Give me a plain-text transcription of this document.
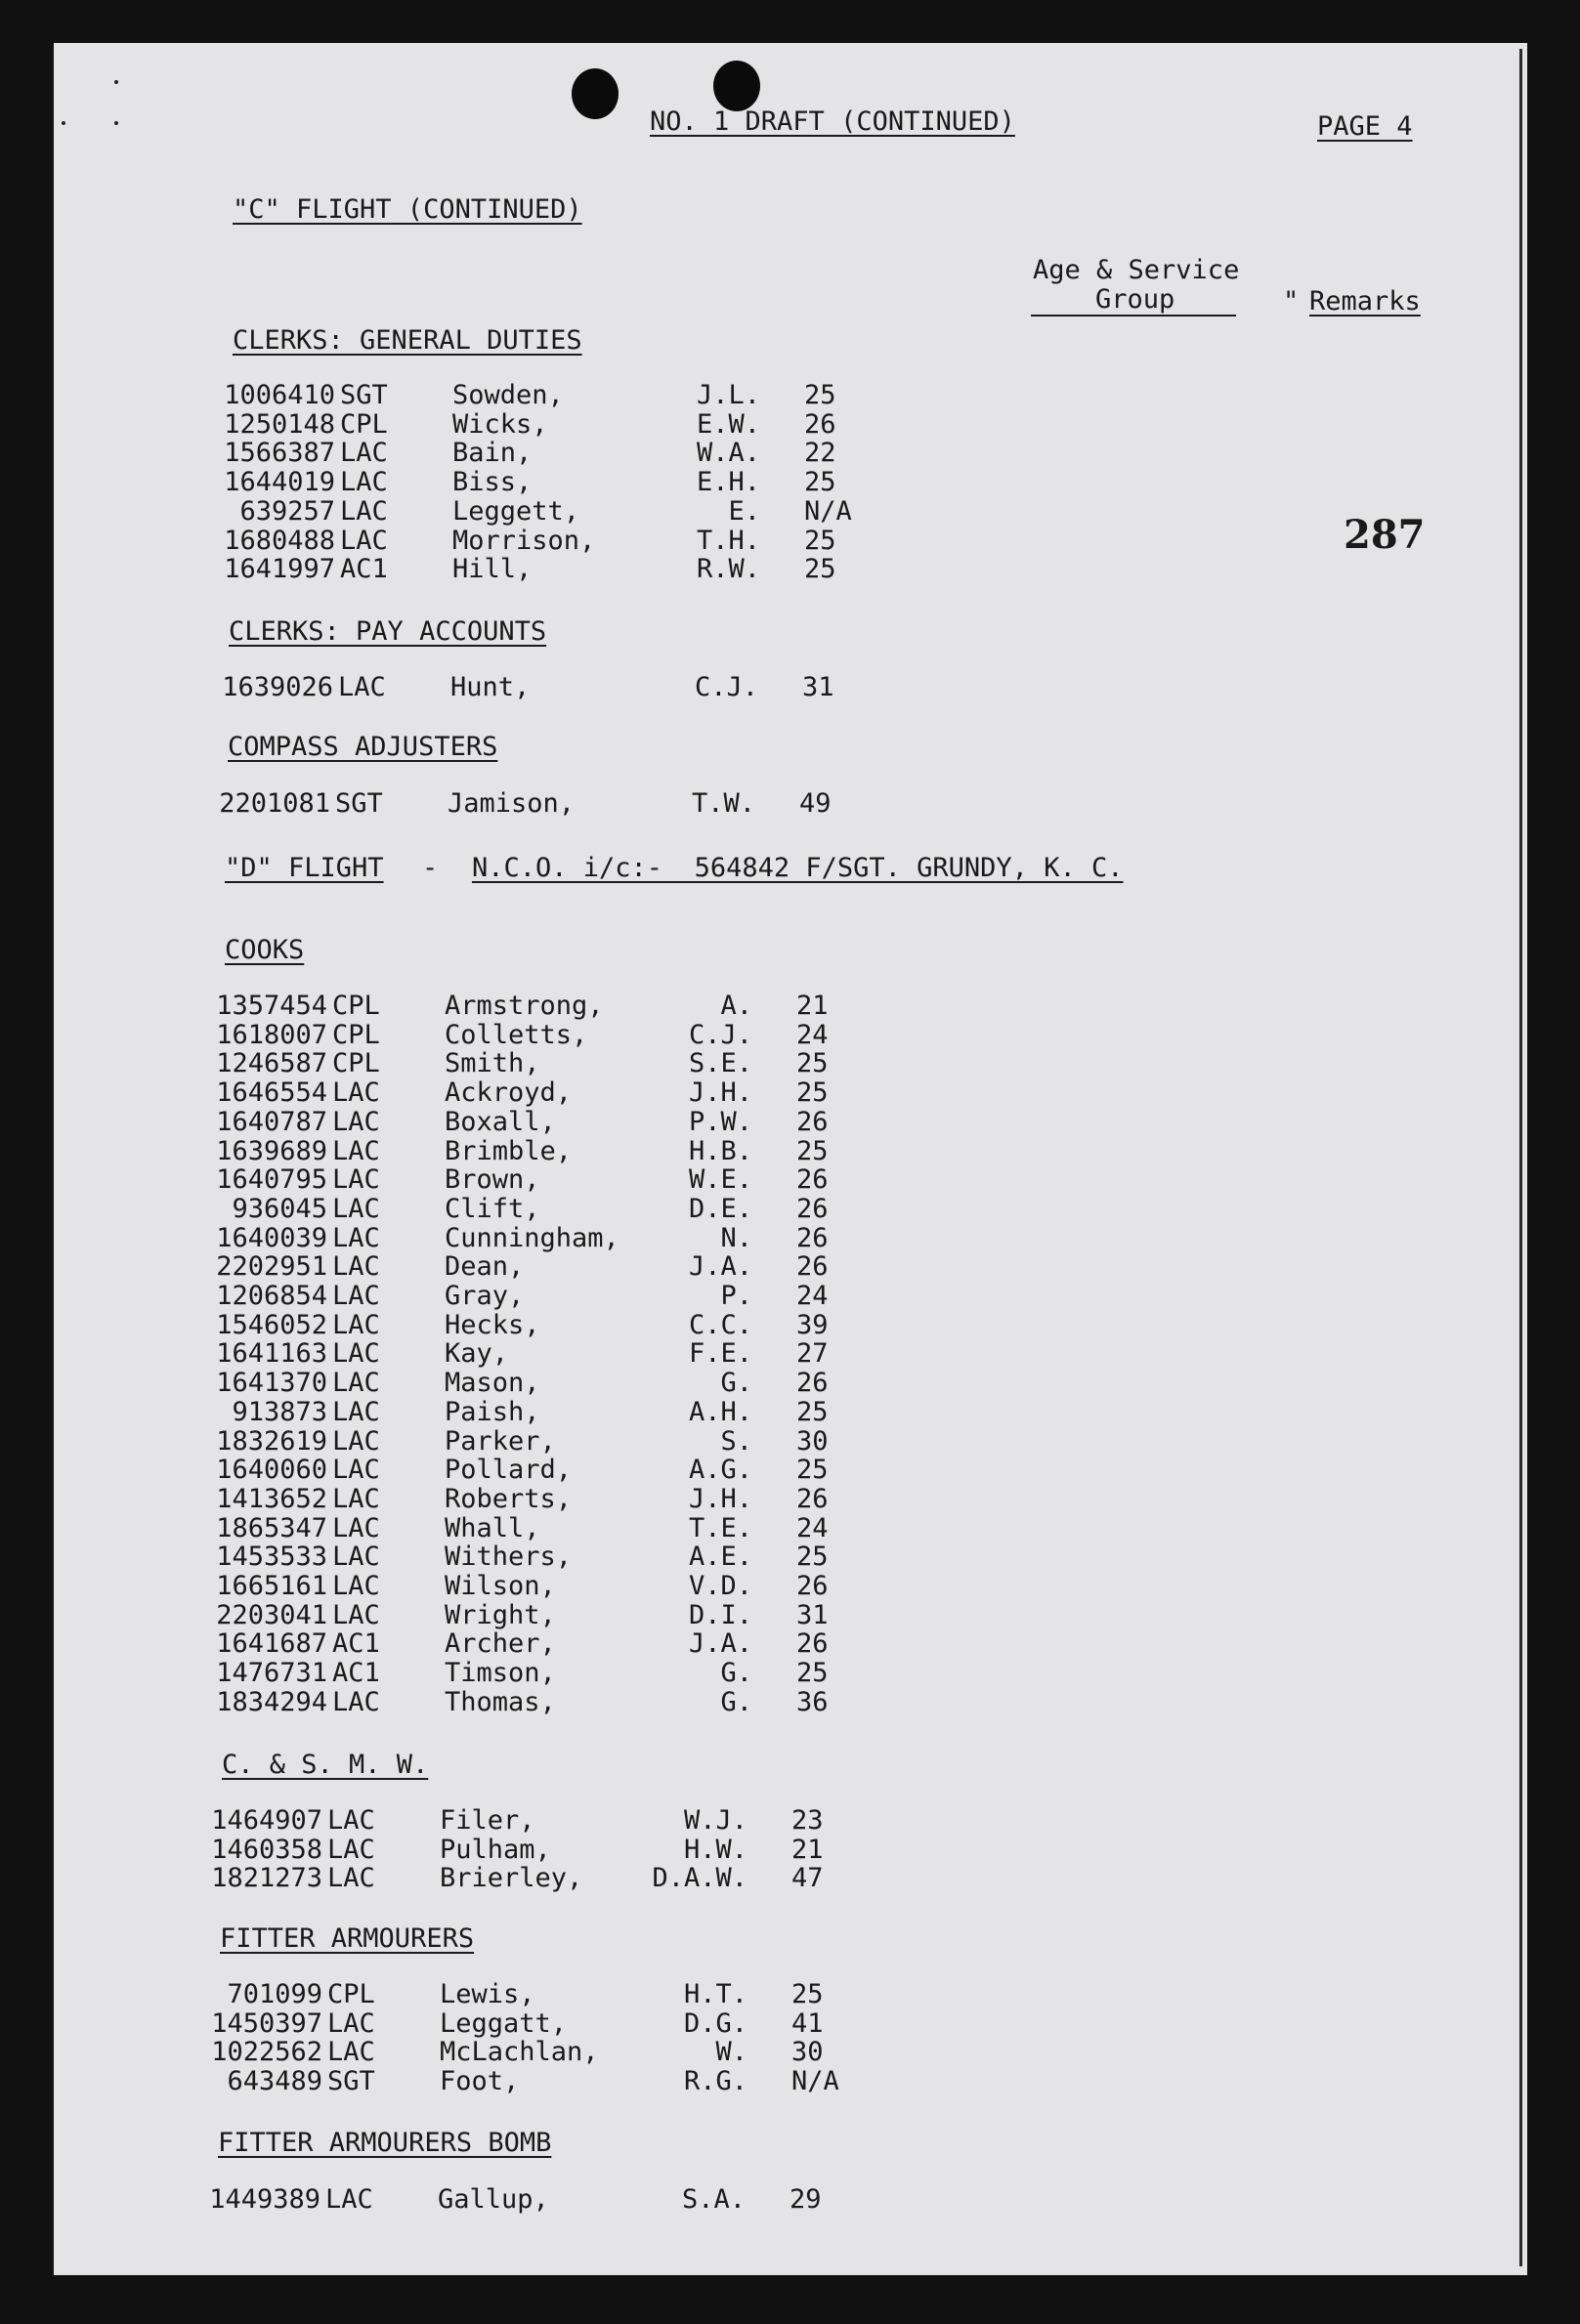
NO. 1 DRAFT (CONTINUED)	PAGE 4
"C" FLIGHT (CONTINUED)
Age & Service
Group	" Remarks
287
"D" FLIGHT - N.C.O. i/c:-  564842 F/SGT. GRUNDY, K. C.
CLERKS: GENERAL DUTIES
1006410 SGT	Sowden,	J.L. 25
1250148 CPL	Wicks,	E.W. 26
1566387 LAC	Bain,	W.A. 22
1644019 LAC	Biss,	E.H. 25
639257 LAC	Leggett,	E. N/A
1680488 LAC	Morrison,	T.H. 25
1641997 AC1	Hill,	R.W. 25
CLERKS: PAY ACCOUNTS
1639026 LAC	Hunt,	C.J. 31
COMPASS ADJUSTERS
2201081 SGT	Jamison,	T.W. 49
COOKS
1357454 CPL	Armstrong,	A. 21
1618007 CPL	Colletts,	C.J. 24
1246587 CPL	Smith,	S.E. 25
1646554 LAC	Ackroyd,	J.H. 25
1640787 LAC	Boxall,	P.W. 26
1639689 LAC	Brimble,	H.B. 25
1640795 LAC	Brown,	W.E. 26
936045 LAC	Clift,	D.E. 26
1640039 LAC	Cunningham,	N. 26
2202951 LAC	Dean,	J.A. 26
1206854 LAC	Gray,	P. 24
1546052 LAC	Hecks,	C.C. 39
1641163 LAC	Kay,	F.E. 27
1641370 LAC	Mason,	G. 26
913873 LAC	Paish,	A.H. 25
1832619 LAC	Parker,	S. 30
1640060 LAC	Pollard,	A.G. 25
1413652 LAC	Roberts,	J.H. 26
1865347 LAC	Whall,	T.E. 24
1453533 LAC	Withers,	A.E. 25
1665161 LAC	Wilson,	V.D. 26
2203041 LAC	Wright,	D.I. 31
1641687 AC1	Archer,	J.A. 26
1476731 AC1	Timson,	G. 25
1834294 LAC	Thomas,	G. 36
C. & S. M. W.
1464907 LAC	Filer,	W.J. 23
1460358 LAC	Pulham,	H.W. 21
1821273 LAC	Brierley,	D.A.W. 47
FITTER ARMOURERS
701099 CPL	Lewis,	H.T. 25
1450397 LAC	Leggatt,	D.G. 41
1022562 LAC	McLachlan,	W. 30
643489 SGT	Foot,	R.G. N/A
FITTER ARMOURERS BOMB
1449389 LAC	Gallup,	S.A. 29
